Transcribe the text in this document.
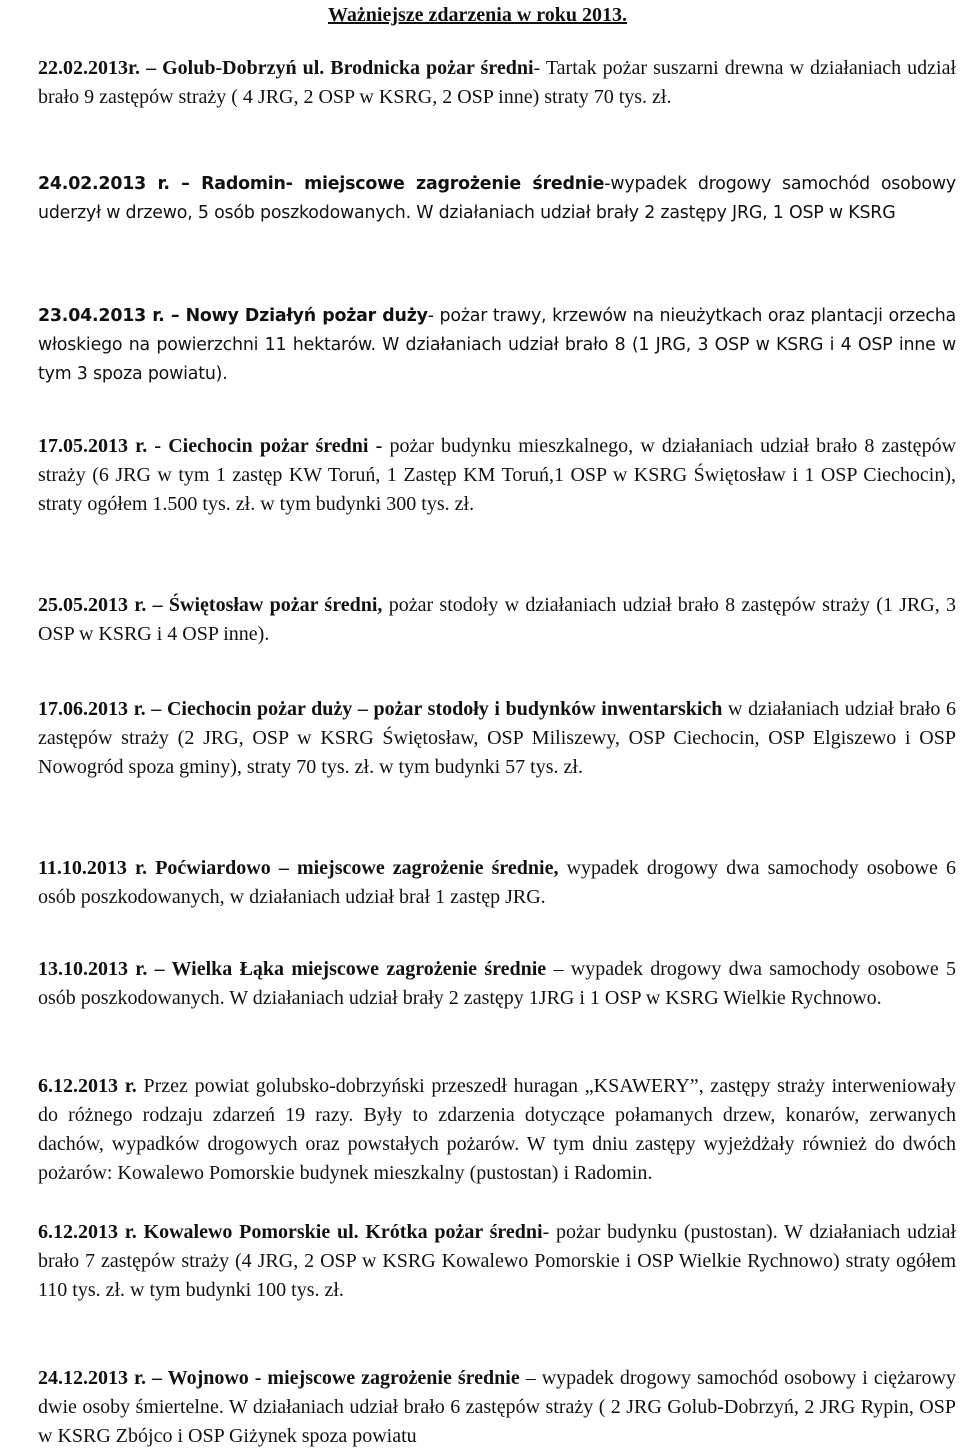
Ważniejsze zdarzenia w roku 2013.

22.02.2013r. – Golub-Dobrzyń ul. Brodnicka pożar średni- Tartak pożar suszarni drewna w działaniach udział brało 9 zastępów straży ( 4 JRG, 2 OSP w KSRG, 2 OSP inne) straty 70 tys. zł.

24.02.2013 r. – Radomin- miejscowe zagrożenie średnie-wypadek drogowy samochód osobowy uderzył w drzewo, 5 osób poszkodowanych. W działaniach udział brały 2 zastępy JRG, 1 OSP w KSRG

23.04.2013 r. – Nowy Działyń pożar duży- pożar trawy, krzewów na nieużytkach oraz plantacji orzecha włoskiego na powierzchni 11 hektarów. W działaniach udział brało 8 (1 JRG, 3 OSP w KSRG i 4 OSP inne w tym 3 spoza powiatu).

17.05.2013 r. - Ciechocin pożar średni - pożar budynku mieszkalnego, w działaniach udział brało 8 zastępów straży (6 JRG w tym 1 zastęp KW Toruń, 1 Zastęp KM Toruń,1 OSP w KSRG Świętosław i 1 OSP Ciechocin), straty ogółem 1.500 tys. zł. w tym budynki 300 tys. zł.

25.05.2013 r. – Świętosław pożar średni, pożar stodoły w działaniach udział brało 8 zastępów straży (1 JRG, 3 OSP w KSRG i 4 OSP inne).

17.06.2013 r. – Ciechocin pożar duży – pożar stodoły i budynków inwentarskich w działaniach udział brało 6 zastępów straży (2 JRG, OSP w KSRG Świętosław, OSP Miliszewy, OSP Ciechocin, OSP Elgiszewo i OSP Nowogród spoza gminy), straty 70 tys. zł. w tym budynki 57 tys. zł.

11.10.2013 r. Poćwiardowo – miejscowe zagrożenie średnie, wypadek drogowy dwa samochody osobowe 6 osób poszkodowanych, w działaniach udział brał 1 zastęp JRG.

13.10.2013 r. – Wielka Łąka miejscowe zagrożenie średnie – wypadek drogowy dwa samochody osobowe 5 osób poszkodowanych. W działaniach udział brały 2 zastępy 1JRG i 1 OSP w KSRG Wielkie Rychnowo.

6.12.2013 r. Przez powiat golubsko-dobrzyński przeszedł huragan „KSAWERY”, zastępy straży interweniowały do różnego rodzaju zdarzeń 19 razy. Były to zdarzenia dotyczące połamanych drzew, konarów, zerwanych dachów, wypadków drogowych oraz powstałych pożarów. W tym dniu zastępy wyjeżdżały również do dwóch pożarów: Kowalewo Pomorskie budynek mieszkalny (pustostan) i Radomin.

6.12.2013 r. Kowalewo Pomorskie ul. Krótka pożar średni- pożar budynku (pustostan). W działaniach udział brało 7 zastępów straży (4 JRG, 2 OSP w KSRG Kowalewo Pomorskie i OSP Wielkie Rychnowo) straty ogółem 110 tys. zł. w tym budynki 100 tys. zł.

24.12.2013 r. – Wojnowo - miejscowe zagrożenie średnie – wypadek drogowy samochód osobowy i ciężarowy dwie osoby śmiertelne. W działaniach udział brało 6 zastępów straży ( 2 JRG Golub-Dobrzyń, 2 JRG Rypin, OSP w KSRG Zbójco i OSP Giżynek spoza powiatu
